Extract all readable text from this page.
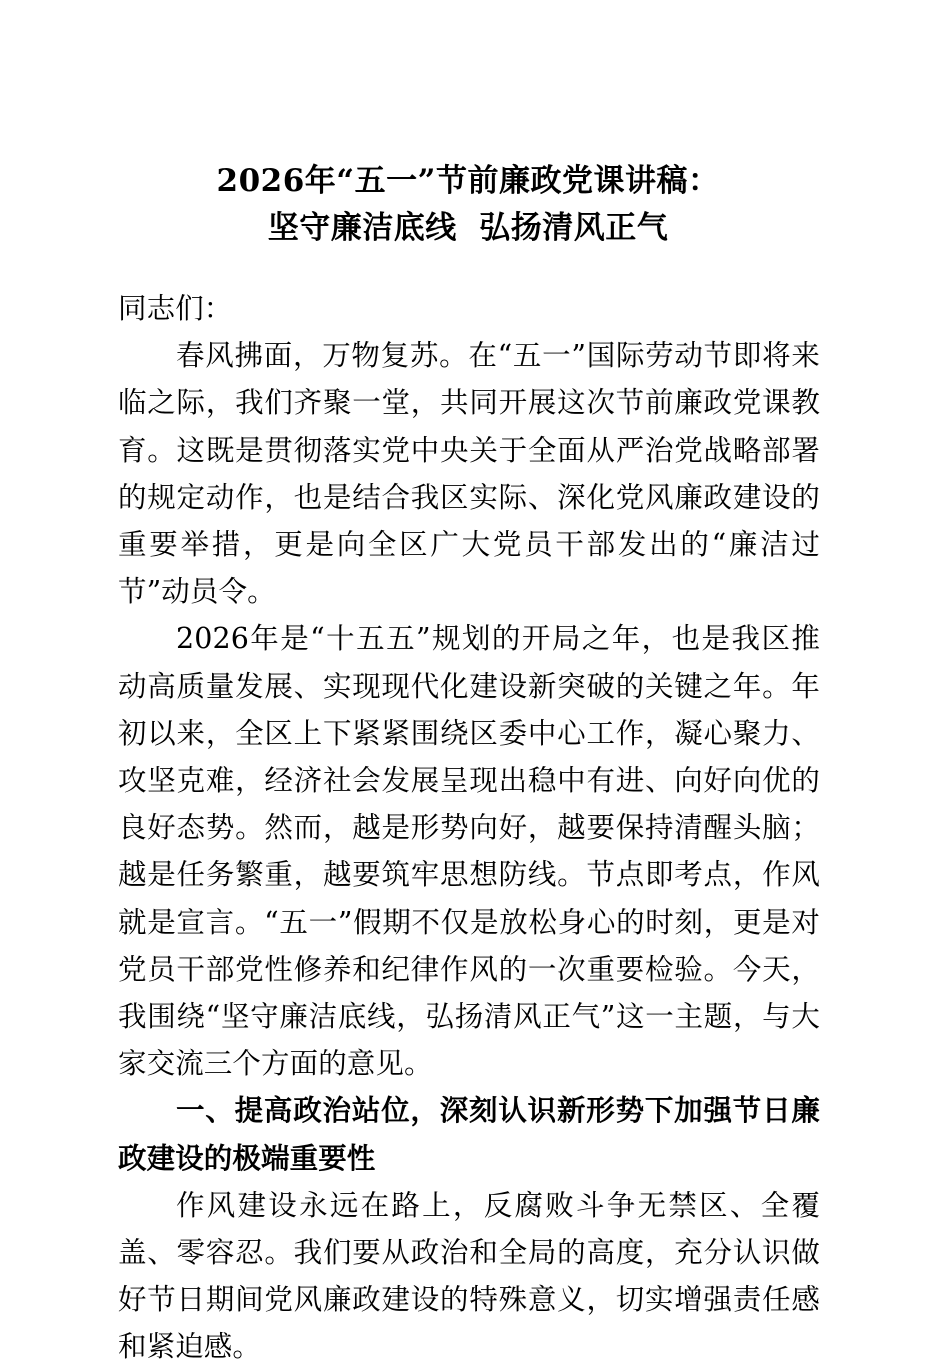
2026年“五一”节前廉政党课讲稿：
坚守廉洁底线  弘扬清风正气

同志们：

春风拂面，万物复苏。在“五一”国际劳动节即将来临之际，我们齐聚一堂，共同开展这次节前廉政党课教育。这既是贯彻落实党中央关于全面从严治党战略部署的规定动作，也是结合我区实际、深化党风廉政建设的重要举措，更是向全区广大党员干部发出的“廉洁过节”动员令。

2026年是“十五五”规划的开局之年，也是我区推动高质量发展、实现现代化建设新突破的关键之年。年初以来，全区上下紧紧围绕区委中心工作，凝心聚力、攻坚克难，经济社会发展呈现出稳中有进、向好向优的良好态势。然而，越是形势向好，越要保持清醒头脑；越是任务繁重，越要筑牢思想防线。节点即考点，作风就是宣言。“五一”假期不仅是放松身心的时刻，更是对党员干部党性修养和纪律作风的一次重要检验。今天，我围绕“坚守廉洁底线，弘扬清风正气”这一主题，与大家交流三个方面的意见。

一、提高政治站位，深刻认识新形势下加强节日廉政建设的极端重要性

作风建设永远在路上，反腐败斗争无禁区、全覆盖、零容忍。我们要从政治和全局的高度，充分认识做好节日期间党风廉政建设的特殊意义，切实增强责任感和紧迫感。
